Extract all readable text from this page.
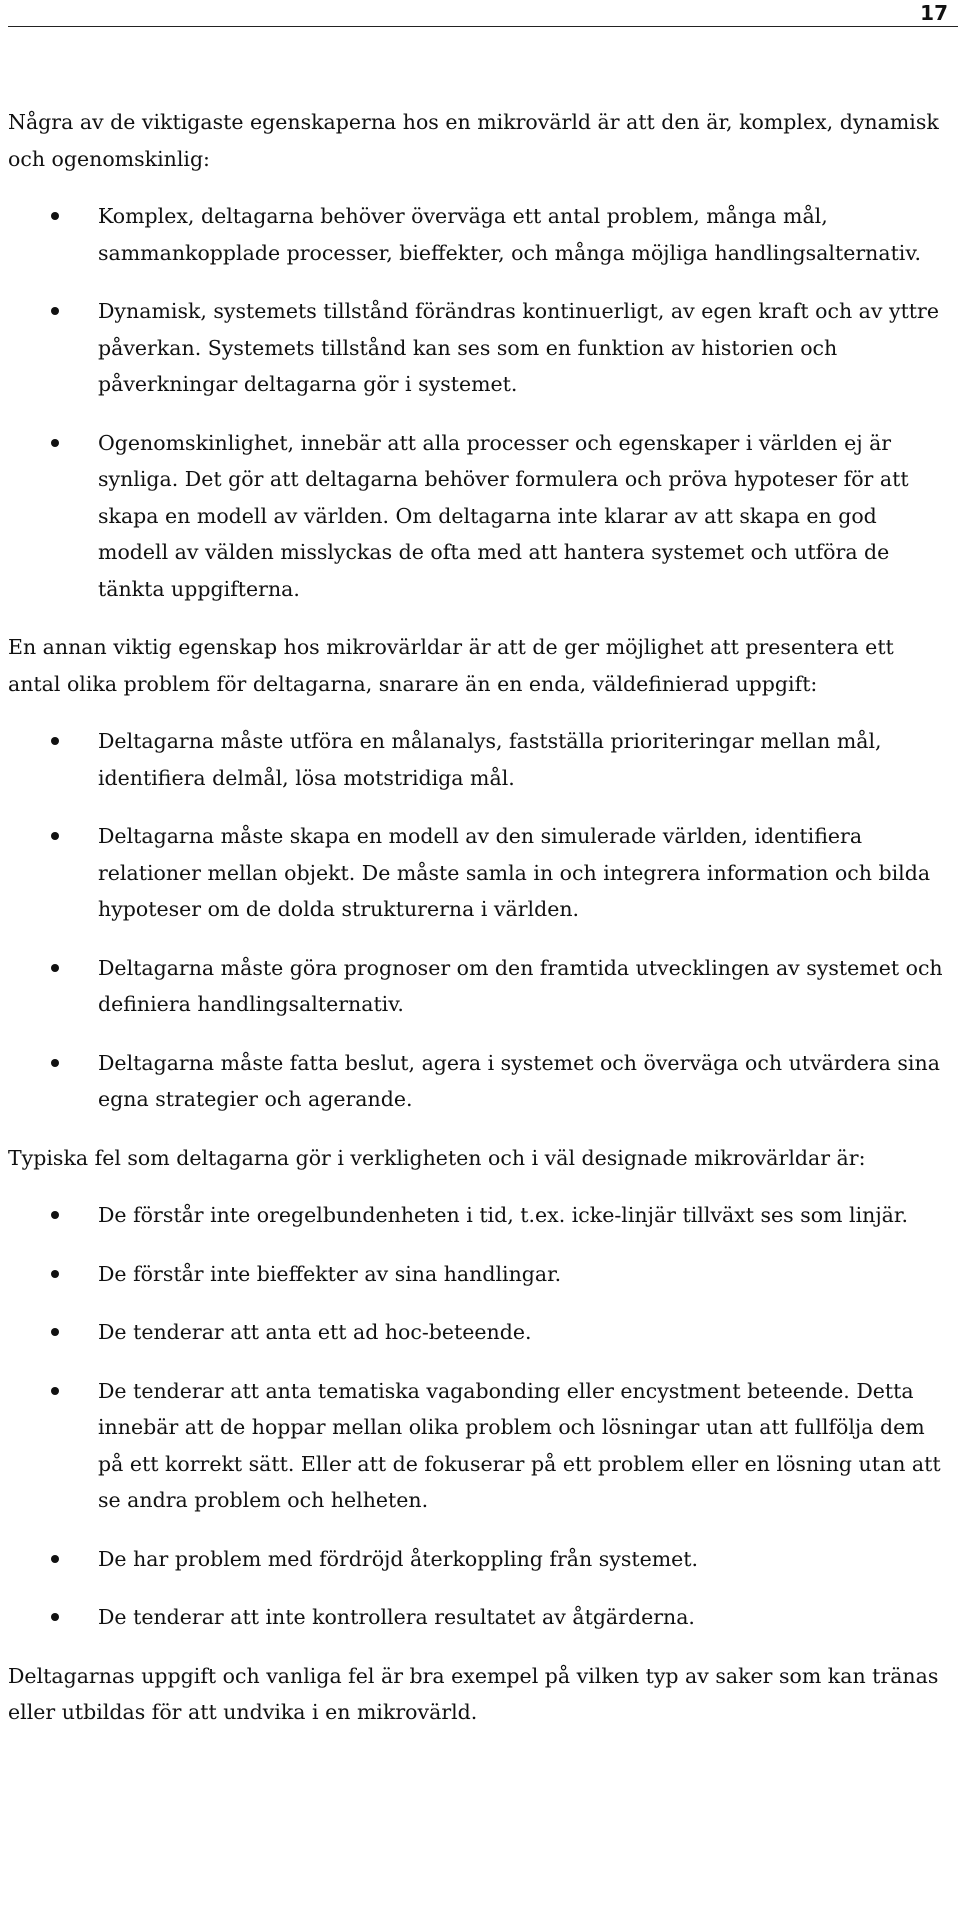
17

Några av de viktigaste egenskaperna hos en mikrovärld är att den är, komplex, dynamisk och ogenomskinlig:

Komplex, deltagarna behöver överväga ett antal problem, många mål, sammankopplade processer, bieffekter, och många möjliga handlingsalternativ.
Dynamisk, systemets tillstånd förändras kontinuerligt, av egen kraft och av yttre påverkan. Systemets tillstånd kan ses som en funktion av historien och påverkningar deltagarna gör i systemet.
Ogenomskinlighet, innebär att alla processer och egenskaper i världen ej är synliga. Det gör att deltagarna behöver formulera och pröva hypoteser för att skapa en modell av världen. Om deltagarna inte klarar av att skapa en god modell av välden misslyckas de ofta med att hantera systemet och utföra de tänkta uppgifterna.

En annan viktig egenskap hos mikrovärldar är att de ger möjlighet att presentera ett antal olika problem för deltagarna, snarare än en enda, väldefinierad uppgift:

Deltagarna måste utföra en målanalys, fastställa prioriteringar mellan mål, identifiera delmål, lösa motstridiga mål.
Deltagarna måste skapa en modell av den simulerade världen, identifiera relationer mellan objekt. De måste samla in och integrera information och bilda hypoteser om de dolda strukturerna i världen.
Deltagarna måste göra prognoser om den framtida utvecklingen av systemet och definiera handlingsalternativ.
Deltagarna måste fatta beslut, agera i systemet och överväga och utvärdera sina egna strategier och agerande.

Typiska fel som deltagarna gör i verkligheten och i väl designade mikrovärldar är:

De förstår inte oregelbundenheten i tid, t.ex. icke-linjär tillväxt ses som linjär.
De förstår inte bieffekter av sina handlingar.
De tenderar att anta ett ad hoc-beteende.
De tenderar att anta tematiska vagabonding eller encystment beteende. Detta innebär att de hoppar mellan olika problem och lösningar utan att fullfölja dem på ett korrekt sätt. Eller att de fokuserar på ett problem eller en lösning utan att se andra problem och helheten.
De har problem med fördröjd återkoppling från systemet.
De tenderar att inte kontrollera resultatet av åtgärderna.

Deltagarnas uppgift och vanliga fel är bra exempel på vilken typ av saker som kan tränas eller utbildas för att undvika i en mikrovärld.
